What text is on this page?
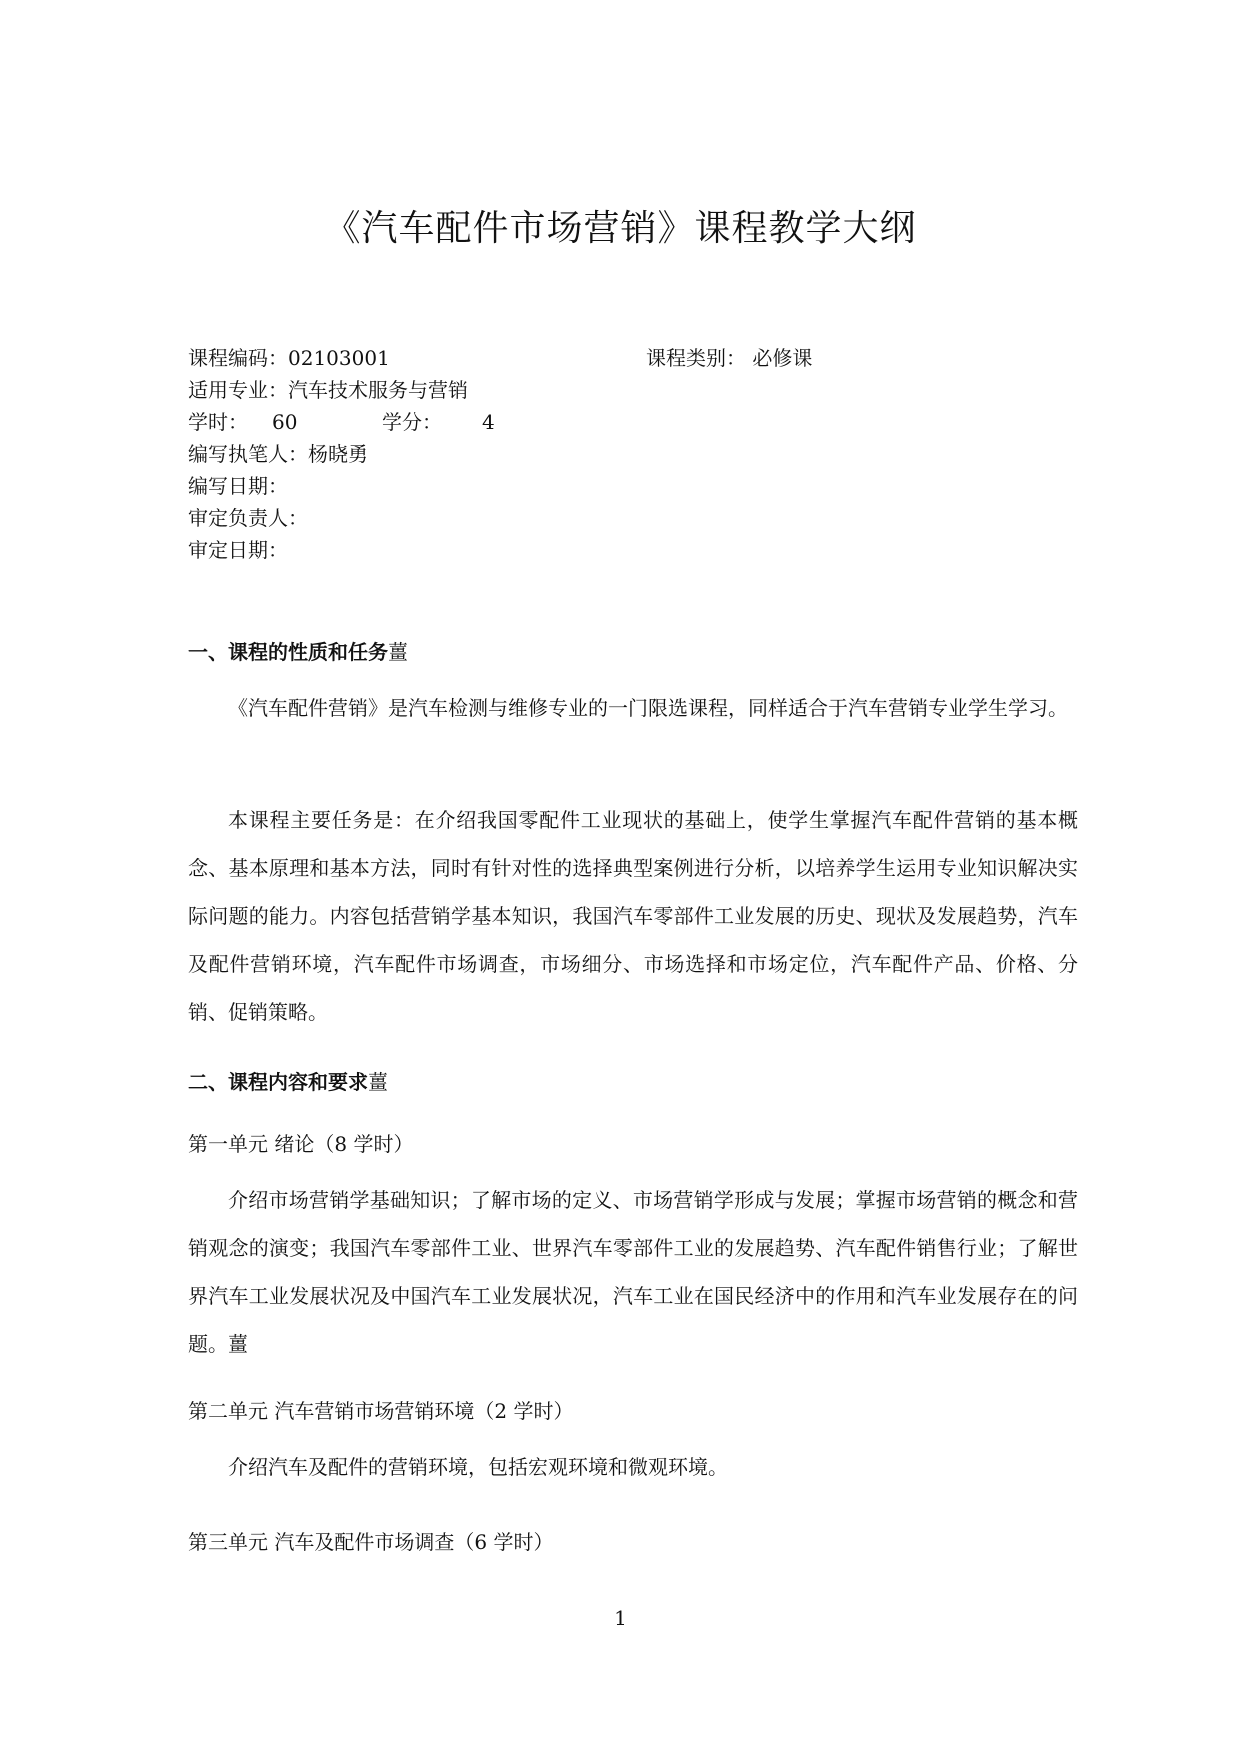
《汽车配件市场营销》课程教学大纲
课程编码：02103001	课程类别： 必修课
适用专业：汽车技术服务与营销
学时： 60	学分： 4
编写执笔人：杨晓勇
编写日期：
审定负责人：
审定日期：
一、课程的性质和任务薑
《汽车配件营销》是汽车检测与维修专业的一门限选课程，同样适合于汽车营销专业学生学习。
本课程主要任务是：在介绍我国零配件工业现状的基础上，使学生掌握汽车配件营销的基本概念、基本原理和基本方法，同时有针对性的选择典型案例进行分析，以培养学生运用专业知识解决实际问题的能力。内容包括营销学基本知识，我国汽车零部件工业发展的历史、现状及发展趋势，汽车及配件营销环境，汽车配件市场调查，市场细分、市场选择和市场定位，汽车配件产品、价格、分销、促销策略。
二、课程内容和要求薑
第一单元 绪论（8 学时）
介绍市场营销学基础知识；了解市场的定义、市场营销学形成与发展；掌握市场营销的概念和营销观念的演变；我国汽车零部件工业、世界汽车零部件工业的发展趋势、汽车配件销售行业；了解世界汽车工业发展状况及中国汽车工业发展状况，汽车工业在国民经济中的作用和汽车业发展存在的问题。薑
第二单元 汽车营销市场营销环境（2 学时）
介绍汽车及配件的营销环境，包括宏观环境和微观环境。
第三单元 汽车及配件市场调查（6 学时）
1
